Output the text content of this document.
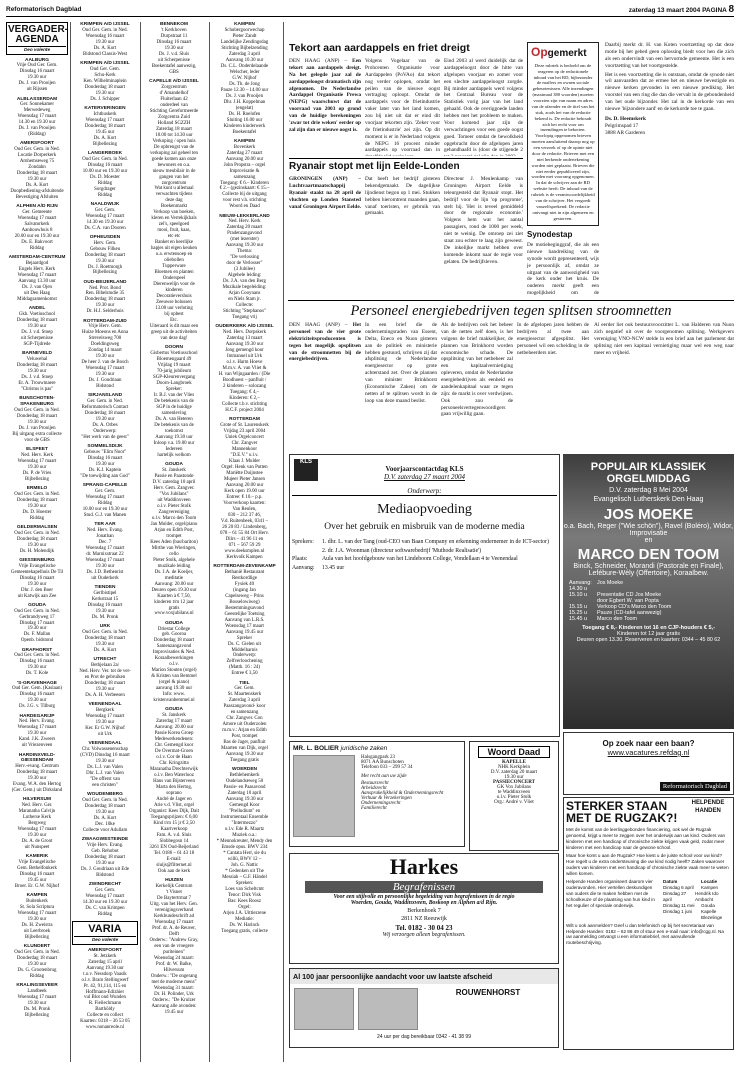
Reformatorisch Dagblad	zaterdag 13 maart 2004 PAGINA 8
VERGADER-AGENDA
Deo volente
AALBURG
Vrije Oud Ger. Gem.
Dinsdag 16 maart
19.30 uur
Ds. J. van Prooijen
uit Rijssen
ALBLASSERDAM
Ger. Sonnekamer
Merwedeweg
Woensdag 17 maart
14.30 en 19.30 uur
Ds. J. van Prooijen
(Riddag)
AMERSFOORT
Oud Ger. Gem. in Ned.
Locatie Dorperkerk
Arnhemseweg 75
Zondahn
Donderdag 18 maart
19.30 uur
Ds. A. Kort
Doopbediening-afsluitende
Bevestiging Afsluiten
ALPHEN A/D RIJN
Ger. Gemeente
Woensdag 17 maart
Salvatorkerk
Aanbouwhuis 8
20.00 uur en 19.30 uur
Ds. E. Bakvoort
Riddag
AMSTERDAM-CENTRUM
Bejaardgod
Engels Herv. Kerk
Woensdag 17 maart
Aanvang 13.30 uur
Ds. J. van Ojen
uit Den Haag
Middagsamenkomst
ANDEL
Gkh. Voetiuschool
Donderdag 18 maart
19.30 uur
Ds. J. v.d. Stoep
uit Scherpenisse
SGP-Tijdrede
BARNEVELD
Veluwehal
Donderdag 18 maart
19.30 uur
Ds. J. v.d. Stoep
Er. A. Trouwmaere
"Christus is pas"
BUNSCHOTEN-SPAKENBURG
Oud Ger. Gem. in Ned.
Donderdag 18 maart
19.30 uur
Ds. J. van Prooijen
Bij uitgang extra collecte
voor de GBS
ELSPEET
Ned. Herv. Kerk
Woensdag 17 maart
19.30 uur
Ds. P. de Vries
Bijbellezing
ERMELO
Oud Ger. Gem. in Ned.
Donderdag 18 maart
19.30 uur
Ds. D. Hoester
Riddag
GELDERMALSEN
Oud Ger. Gem. in Ned.
Donderdag 18 maart
19.30 uur
Ds. H. Molendijk
GIESSENBURG
Vrije Evangelische
Gemeentekapelhuis De Til
Dinsdag 16 maart
19.30 uur
Dhr. J. den Boer
uit Katwijk aan Zee
GOUDA
Oud Ger. Gem. in Ned.
Gerbrandyweg 17
Dinsdag 17 maart
19.30 uur
Ds. F. Mallan
Openb. bidstond
GRAFHORST
Oud Ger. Gem. in Ned.
Dinsdag 16 maart
19.30 uur
Ds. T. Kole
'S-GRAVENHAGE
Oud Ger. Gem. (Kaslaan)
Dinsdag 16 maart
19.30 uur
Ds. J.G. v. Tilburg
HARDEGARIJP
Ned. Herv. Evang.
Woensdag 17 maart
19.30 uur
Kand. J.K. Zweers
uit Vriezenveen
HARDINXVELD-GIESSENDAM
Herv.-evang. Centrum
Donderdag 18 maart
19.30 uur
Evang. W.A. den Hertog
(Ger. Gem.) uit Dirksland
HILVERSUM
Ned. Herv. Ger.
Maranatha Calvijn
Lutherse Kerk
Bergweg
Woensdag 17 maart
19.30 uur
Ds. A. de Groot
uit Nunspeet
KAMERIK
Vrije Evangelische
Gem. Bethelfonkerk
Dinsdag 16 maart
19.45 uur
Broer. Er. G.W. Nijhof
KAMPEN
Buitenkerk
St. Sola Scriptura
Woensdag 17 maart
19.30 uur
Ds. H. Zweistra
uit Leerbroek
Bijbellezing
KLUNDERT
Oud Ger. Gem. in Ned.
Donderdag 18 maart
19.30 uur
Ds. G. Grootenbrug
Riddag
KRALINGSEVEER
Landbeek
Woensdag 17 maart
19.30 uur
Ds. M. Pronk
Bijbellezing
KRIMPEN A/D IJSSEL
Oud Ger. Gem. in Ned.
Woensdag 16 maart
19.30 uur
Ds. A. Kort
Bidstond Classis-West
KRIMPEN A/D IJSSEL
Oud Ger. Gem.
Schu-Kerk
Ken. Wilhelminaplein
Donderdag 18 maart
19.30 uur
Ds. J. Schipper
KATERVERINGEN
Ichthuskerk
Woensdag 17 maart
Donderdag 18 maart
19.45 uur
Ds. A. Kort
Bijbellezing
LANGERBOEK
Oud Ger. Gem. in Ned.
Dinsdag 16 maart
10.00 uur en 19.30 uur
Ds. D. Moester
Riddag
Sorgdrager
Riddag
NAALDWIJK
Ger. Gem.
Woensdag 17 maart
14.30 en 19.30 uur
Ds. C.A. van Dooren
OPHEUSDEN
Herv. Gem.
Gebouw Filkeu
Donderdag 18 maart
19.30 uur
Ds. J. Roetmorgh
Bijbellezing
OUD-BEIJERLAND
Ned. Prot. Bond
Ren. Bibelstudie 35
Donderdag 18 maart
19.30 uur
Dr. H.J. Selderhuis
ROTTERDAM-ZUID
Vrije Herv. Gem.
Huize Moeons en Anna
Strevelsweg 700
Doeldingsweg
Zondag 14 maart
19.30 uur
De heer J. van de Bosch
Woensdag 17 maart
19.30 uur
Ds. J. Goudriaan
Bidstond
SIRJANSLAND
Ger. Gem. in Ned.
Reformatorisch Contact
Donderdag 18 maart
19.30 uur
Ds. A. Orbes
Onderwerp:
"Het werk van de geest"
SOMMELSDIJK
Gebouw "Elim Noor"
Dinsdag 16 maart
19.30 uur
Ds. K.J. Kaptein
"De toewijding aan God"
SPRANG-CAPELLE
Ger. Gem.
Woensdag 17 maart
Riddag
10.00 uur en 19.30 uur
Stud. G.J. van Manen
TER AAR
Ned. Herv. Evang.
Jonathan
Dec. 7
Woensdag 17 maart
dr. Marnixstraat 22
Woensdag 17 maart
19.30 uur
Ds. J.D. Bethenrist
uit Ouderkerk
TIENDEN
Gerlbistipel
Kerkstraat 15
Dinsdag 16 maart
19.30 uur
Ds. M. Pronk
URK
Oud Ger. Gem. in Ned.
Donderdag 18 maart
19.30 uur
Ds. A. Kort
UTRECHT
Bethjelaan 2a/
Ned. Herv. Ver. tot de ver-
en Prot de gebruiken
Donderdag 18 maart
19.30 uur
Ds. A. H. Verbeesen
VEENENDAAL
Bergkerk
Woensdag 17 maart
19.30 uur
Ker. Er G.W. Nijhof
uit Urk
VEENENDAAL
Chr. Volwassenenschap
(CVD) Dinsdag 16 maart
19.30 uur
Ds. L.J. van Valen
Dhr. L.J. van Valen
"De offerst van
een christen"
WOUDENBERG
Oud Ger. Gem. in Ned.
Donderdag 18 maart
19.30 uur
Ds. A. Kort
Dec. 10ke
Collecte voor Adullam
ZWAAGWESTEINDE
Vrije Herv. Evang.
Geb. Rehobot
Donderdag 18 maart
19.30 uur
Ds. J. Goudriaan uit Ede
Bidstond
ZWINDRECHT
Ger. Gem.
Woensdag 17 maart
14.30 uur en 19.30 uur
Ds. C. van Krimpen
Riddag
VARIA
Deo volente
AMERSFOORT
St. Jetzkerk
Zaterdag 15 april
Aanvang 19.30 uur
t.o.v. Nessdorp Vaasik
o.l.v. Bram Stellingwerf
Pr. 42, 91,114, 115 en
Hoffmann-Edizhier
vul Blot ond Wunden
R. Fieilechmann
Barthöldy
Collecte en collect
Kaarten: 0318 – 36 53 05
www.nonanreole.nl
BENNEKOM
't Kerkhoven
Durpstraat 11
Dinsdag 16 maart
19.30 uur
Ds. J. v.d. Sluis
uit Scherpenisse
Boekentafel aanwezig,
GBS
CAPELLE A/D IJSSEL
Zorgcentrum
d' Amandelhof
Fluiterlaan 42
onderdeel van
Stichting Gereformeerde
Zorgcentra Zuid
Holland SGZZH
Zaterdag 18 maart
10.00 tot 14.30 uur
Verkoping / open huis
De opbrengst van de
verkoping zal geheel ten
goede komen aan onze
bewoners en o.a.
nieuw meubilair in de
gangen van het
zorgcentrum
Wat kunt u allemaal
verwachten tijdens
deze dag
Boekenmarkt
Verkoop van boeken,
kleren en Verrekijkhals
zel's, speelgoed
mooi, fruit, kaas,
etc etc
Banket en heerlijke
hapjes uit eigen keuken
o.a. erwtensoep en
oliebollen
Tupperware
Bloemen en planten
Onderspeel
Dierenwelijn voor de
kinderen
Decoratievershuis
Zeeuwse bolussen
13.00 uur verloting
bij opbest
Etc.
Uiteraard is dit maar een
greep uit de activiteiten
van deze dag!
DOORN
Gisbertus Voetiusschool
Bloemengaard 49
Vrijdag 19 maart
70-jarig jubileum
SGP-Kleurenvergang
Doorn-Langbroek
Spreker:
Ir. B.J. van der Vlies
De betekenis van de
SGP in de huidige
samenleving
Ds. A. van Heteren
De betekenis van de
toekomst
Aanvang 19.30 uur
Inloop v.a. 19.00 uur
Iedereen
hartelijk welkom
GOUDA
St. Janskerk
Passie en Paastonde
D.V. zaterdag 10 april
Herv. Gem. Zangver.
"Vox Jubilans"
uit Waddinxveen
o.l.v. Pieter Stolk
Zangvereniging
o.l.v. Marco den Toom
Jan Mulder, orgel/piano
Arjan en Edith Post,
trompet
Kees Aden (bas/bariton)
Mirthe van Wieringen,
cello
Pieter Stolk, algehele
muzikale leiding
Ds. J.A. de Koeijer,
meditatie
Aanvang: 20.00 uur
Deuren open 19.30 uur
Kaarten à € 7,50,
kinderen t/m 12 jaar
gratis
www.voxjubilans.nl
GOUDA
Driestar College
geb. Gooroa
Donderdag 18 maart
Samenzangavond
Improvisaties & Ned.
Koraalbewerkingen
o.l.v.
Marion Stouten (orgel)
& Kristen van Bemmel
(orgel & piano)
aanvang 19.30 uur
Info: www.
kristenvanbemmel.nl
GOUDA
St. Janskerk
Zaterdag 17 maart
Aanvang: 20.00 uur
Passie Korea Groep
Medewerkendenen:
Chr. Gemengd koor
De Overmat-Groen
o.l.v. Cor de Haan
Chr. Kringzitta
Maranatha Drechterwijk
o.l.v. Ben Waterlooz
Hans van Bijsterveen
Marta den Hertog,
soprano
André de Jager en
Arie v.d. Vlist, orgel
Organist: Kees Dijk, Dait
Toegangsprijzen: € 6,00
Kind t/m 15 jr € 2,50
Kaartverkoop
Fam. A. v.d. Sluis
Slobbegosn 14
3261 EN Oud-Beijerland
Tel. 0186 – 61 43 18
E-mail:
sluijs@filternet.nl
Ook aan de kerk
HUIZEN
Kerkelijk Centrum
't Visnet
De Baytertrmat 7
Uitg. van het Herv. Gen.
verenigingsverband
Kerkbundeschrift ad
Woensdag 17 maart
Prof. dr. A. de Reuver,
Delft
Onderw.: "Andrew Gray,
een van de vroegere
puriteinen"
Woensdag 24 maart:
Prof. dr. W. Balke,
Hilversum
Onderw.: "De ongerang
met de moderne mens"
Woensdag 31 maart:
Dr. H. Polinder, Urk
Onderw.: "De Krulzer
Aanvang alle avonden:
19.45 uur
KAMPEN
Schubergoorwechap
Pieter Zandt
Landelijke Zendingsdag
Stichting Bijbelzending
Zaterdag 3 april
Aanvang 10.30 uur
Ds. C.L. Onderdelaande
Welscher, leder
G.W. Nijhof
Ds. Th. de Jong
Pauze 12.30 – 14.00 uur
Ds. J. van Prooijen
Dhr. J.H. Koppelman
(engelat)
Ds. H. Roelofen
Sluiting 16.00 uur
Kinderen kinderwerk
Boekentafel
KAMPEN
Bovenkerk
Zaterdag 27 maart
Aanvang 20.00 uur
John Propstra – orgel
Improvisatie &
samenzang
Toegang: € 6.– Kinderen
€ 2.– (gezinskaart: € 15.–
Collecte bij de uitgang
voor rest v.h. stichting
Woord en Daad
NIEUW-LEKKERLAND
Ned. Herv. Kerk
Zaterdag 20 maart
Pradenzangavond
(met lezerster)
Aanvang 19.30 uur
Thema:
"De verlossing
door de Verlosser"
(3 Jubilee)
Algehele leiding:
Ds. J.A. van den Berg
Muzikale begeleiding:
Arjan Cooynans
en Niels Stam jr.
Collecte:
Stichting "Stephanos"
Toegang vrij
OUDERKERK A/D IJSSEL
Ned. Herv. Dorpskerk
Zaterdag 13 maart
Aanvang 19.30 uur
Jong gemengd koor
Immanuel uit Urk
o.l.v. Harm Hoeve
M.m.v. A. van Vliet &
H. van Wijngaarden / (Die
Boodhoest – panfluit /
2 kinderen – solozang
Toegang: € 4,–
Kinderen: € 2,–
Collecte t.b.v. stichting
H.C.F. project 2004
ROTTERDAM
Grote of St. Laurenskerk
Vrijdag 23 april 2004
Uniek Orgelconcert
Chr. Zangver
Mannenkoor
"D.E.V." o.l.v.
Klaas J. Mulder
Orgel: Henk van Putten
Mariëtte Duijnstee
Mujeer Pieter Jansen
Aanvang 20.00 uur
Kerk open 19.00 uur
Entree: € 10.– p.p.
Voorverkoop kaarten:
Van Reulen,
030 – 212 37 46,
V.d. Ruitenbeek, 0341 –
26 20 83 / Lindenberg,
078 – 61 55 84 Ort Herv.
Dilrs – 41 96 11 en
071 – 567 59 29
www.deeksmplen.nl
Kerkvolk Kampen
ROTTERDAM-ZEVENKAMP
Bethanië Restaurant
Restkordlige
Fysiek 40
(ingang Jan
Capelseweg – Prins
Bosselowiweg)
Bestemmingsavond
Geestelijke Toetsing
Aanvang van L.R.S.
Woensdag 17 maart
Aanvang 19.45 uur
Spreker
Ds. C. Gielen uit
Middelharnis
Onderwerp:
Zelfverloochening
(Matth. 16 : 24)
Entree € 3,50
TIEL
Ger. Gem.
St. Maartenskerk
Zaterdag 3 april
Paaszangavond- koor
en samenzang
Chr. Zangver. Con
Amore uit Ouderzolen
m.m.v.: Arjan en Edith
Post, trompet
Bas de Jager, panfluit
Maarten van Dijk, orgel
Aanvang 19.30 uur
Toegang gratis
WOERDEN
Bethlehemkerk
Oudelandseweg 50
Passie- en Paasavond
Zaterdag 10 april
Aanvang 19.30 uur
Gemengd Koor
"Prelludium" en
Instrumentaal Ensemble
"Intermezzo"
o.l.v. Ede R. Maartz
Muziek o.a.:
* Mennokreuter, Mendy den
Emsde opus. BWV 234
* Cantata Herr, sie du
willü, BWV 12 –
Joh. G. Nattic
* Gedenken uit The
Messiah – G.F. Händel
Spreken:
Loes van Scheltcmt
Tenor: Dirk Visk
Bas: Kees Roosz
Orgel:
Arjen J.A. Uittiezrene
Mediatie:
Ds. W. Harinck
Toegang gratis, collecte
Tekort aan aardappels en friet dreigt
DEN HAAG (ANP) – Een tekort aan aardappels dreigt. Na het gelegde jaar zal de aardappeloogst dramatisch zijn afgenomen. De Nederlandse Aardappel Organisatie Prewa (NEPG) waarschuwt dat de voorraad van 2003 op grond van de huidige berekeningen 'zwar tot drie weken' eerder op zal zijn dan er nieuwe oogst is.
Volgens Vogelaar van de Prohcenten Organisatie voor Aardappelen (PoVAo) dat tekort nog verder oplopen, omdat het peilen van de nieuwe oogst vertraging oploopt. Omdat de aardappels voor de frietindustrie vaker later van het land komen, zou bij niet uit dat er eind dit voorjaar tekorten zijn. 'Zeker voor de frietindustrie' zei zijn. Op dit moment is er in Nederland volgens de NEPG 16 procent minder aardappels op voorraad dan in
Eind 2003 al werd duidelijk dat de aardappeloogst door de hitte van afgelopen voorjaar en zomer voor een slechte aardappeloogst zorgde. Bij minder aardappels werd volgens het Centraal Bureau voor de Statistiek vorig jaar van het land gehaald. Ook de overiggoede landen hebben met het probleem te maken. Voor komend jaar zijn de verwachtingen voor een goede oogst goed. Tomeer omdat de bewolkheid opgebracht door de afgelopen jaren gehandhaafd is (door de stijgende 2
Ryanair stopt met lijn Eelde-Londen
GRONINGEN (ANP) – Luchtvaartmaatschappij Ryanair staakt na 28 april de vluchten op Londen Stansted vanaf Groningen Airport Eelde.
Dat heeft het bedrijf gisteren bekendgemaakt. De dagelijkse lijndienst begon op 1 mei. Stukken hebben hieromtrent maanden gaan, vanaf toeristen, er gebruik van gemaakt.
Directeur J. Meulenkamp van Groningen Airport Eelde is teleurgesteld dat Ryanair stopt. Het bedrijf voor de lijn 'op progrome', stelt hij. 'Het is teveel gemiddeld door de regionale economie.' Volgens hem wat het aantal passagiers, rond de 1000 per week, niet te weinig. De omroep zei ziet staat zou echter te laag zijn geweest. De inkelijke markt hebben over komende inkomt naar de regie voor gelaten. De bedrijfsleven.
Opgemerkt
Deze rubriek is bedoeld om de reageren op de redactionele inhoud van het RD, bijbezonder de maffers en ownen sociale gebeurtenissen. Alle inzendingen (maximaal 380 woorden) moeten voorzien zijn van naam en adres van de afzender en de titel van het stuk, zoals het van de redactie bekend is. De redactie behoudt zich het recht voor om inzendingen te bekorten. Voorlopig opgenomen brieven moeten aansluitend daarop nog op een verzoek of op de opinie niet door de redactie. Brieven met een niet herkende ondertekening worden niet geplaatst. Brieven die niet eerder gepubliceerd zijn, worden met voorrang opgenomen. In dat de schrijver aan de RD website heeft: De inhoud van de rubriek is de verantwoordelijkheid van de schrijver. Het vergoedt vanzelfsprekend: De redactie ontvangt niet in zijn algemeen en gestorven.
Synodestap
De motiebeginggraf, die als een nieuwe handreiking van de synode wordt gepresenteerd, wijs je persoonlijk af, omdat ze uitgaat van de aanwezigheid van de kerk onder het kruis. De ouderen merkt geeft een mogelijkheid om de

Daarbij merkt dr. H. van Koten voortzetting op dat deze motie bij het gebed geen oplossing biedt voor hen die zich als een ondervindt van een hervormde gemeente. Het is een voortzetting van het voortgestelde.

Het is een voortzetting die is ontstaan, omdat de synode niet wil aanvaarden dat ze ermee het en nieuwe bevestigde en nieuwe kerken gevonden in een nieuwe prediking. Het voorstel van een ring die dan die vervalt in de gebondenheid van het oude bijzonder. Het zal in de kerkorde van een nieuwe 'bijzondere aard' en de kerkorde toe te gaan.

Ds. D. Heemskerk

Pelgrimspad 17

3888 AR Garderen

Personeel energiebedrijven tegen splitsen stroomnetten
DEN HAAG (ANP) – Het personeel van de vier grote elektriciteitsproducenten is tegen het mogelijk opsplitsen van de stroomnetten bij de energiebedrijven.
In een brief die de ondernemingsraden van Essent, Delta, Eneco en Nuon gisteren aan de politiek en ministerie hebben gestuurd, schrijven zij dat afsplitsing de Nederlandse energiesector op grote achterstand zet. Over de plannen van minister Brinkhorst (Economische Zaken) om de netten af te splitsen wordt in de loop van deze maand beslist.
Als de bedrijven ook het beheer van de netten zelf doen, is het volgens de brief makkelijker, de plannen van Brinkhorst worden economische schade. De opsplitsing van het netbeheer zal een kapitaalvernietiging opleveren, omdat de Nederlandse energiebedrijven als eenheid en aandelenkapitaal waar ze tegen zijn: de markt is over verdwijnen. Ook zou de personeelsvertegenwoordigers gaan vrijwillig gaan.
In de afgelopen jaren hebben de bedrijven al twee aan energiesector afgesplitst. Het personeel wil een scheiding in de netbeheerders niet.
Al eerder liet ook bestuursvoorzitter L. van Halderen van Nuon zich negatief uit over de voorgenomen splitsing. Werkgevers vereniging VNO-NCW stelde in een brief aan het parlement dat splitsing niet een kapitaal vernietiging maar wel een weg naar meer en vrijheid.
KLS
Voorjaarscontactdag KLS
D.V. zaterdag 27 maart 2004
Onderwerp:
Mediaopvoeding
Over het gebruik en misbruik van de moderne media
Sprekers:	1. dhr. L. van der Tang (oud-CEO van Baan Company en erkenning ondernemer in de ICT-sector)
2. dr. J.A. Woonman (directeur softwarebedrijf 'Muthode Realisatie')
Plaats:	Aula van het hoofdgebouw van het Lindeboom College, Vondellaan 4 te Veenendaal
Aanvang:	13.45 uur
POPULAIR KLASSIEK ORGELMIDDAG
D.V. zaterdag 8 Mei 2004
Evangelisch Lutherskerk Den Haag
JOS MOEKE
o.a. Bach, Reger ("Wie schön"), Ravel (Boléro), Widor, Improvisatie
en
MARCO DEN TOOM
Binck, Schneider, Morandi (Pastorale en Finale), Lefébure-Wély (Offertoire), Koraalbew.
Aanvang: 14.30 u
Jos Moeke
15.10 u	Presentatie CD Jos Moeke
door Egbert W. van Popta
15.15 u	Verkoop CD's Marco den Toom
15.25 u	Pauze (CD-tafel aanwezig)
15.45 u	Marco den Toom
Toegang € 8,- Kinderen tot 16 en CJP-houders € 5,-
Kinderen tot 12 jaar gratis
Deuren open 13.30. Reserveren en kaarten: 0344 – 45 80 62
MR. L. BOLIER juridische zaken
Halsgangpark 23
8071 AA Bunschoten
Telefoon 033 – 299 57 34
Met recht aan uw zijde
Bestuursrecht
Arbeidsrecht
Aansprakelijkheid & Ondernemingsrecht
Verhuur & Verzekeringen
Ondernemingsrecht
Familierecht
Woord Daad
KAPELLE
NHK Kerkplein
D.V. zaterdag 20 maart
19.30 uur
PASSIECONCERT
GK Vox Jubilans
te Waddinxveen
o.l.v. Pieter Stolk
Org.: André v. Vliet
Harkes
Begrafenissen
Voor een stijlvolle en persoonlijke begeleiding van begrafenissen in de regio
Woerden, Gouda, Waddinxveen, Boskoop en Alphen a/d Rijn.
Berkenhoek 7
2811 NZ Reeuwijk
Tel. 0182 - 30 04 23
Wij verzorgen alleen begrafenissen.
Al 100 jaar persoonlijke aandacht voor uw laatste afscheid
ROUWENHORST
24 uur per dag bereikbaar 0342 - 41 38 99
Op zoek naar een baan?
www.vacatures.refdag.nl
Reformatorisch Dagblad
STERKER STAAN
MET DE RUGZAK?!
HELPENDE HANDEN

Met de komst van de leerlinggebonden financiering, ook wel de Rugzak genoemd, krijgt u meer te zeggen over het onderwijs aan uw kind. Ouders van kinderen met een handicap of chronische ziekte krijgen vaak geld, zodat meer kinderen met een handicap naar de gewone school.

Maar hoe komt u aan de Rugzak? Hoe kiest u de juiste school voor uw kind? Hoe regelt u de extra ondersteuning die uw kind nodig heeft? Zaken waarover ouders van kinderen met een handicap of chronische ziekte vaak meer te weten willen komen.

Helpende Handen organiseert daarom vier ouderavonden. Hier vertellen deskundigen van ouders die te maken hebben met de schoolkeuze of de plaatsing van hun kind in het regulier of speciale onderwijs.

Datum	Locatie
Dinsdag 6 april	Kampen
Dinsdag 27 april
Hendrik Ido Ambacht
Dinsdag 11 mei	Gouda
Dinsdag 1 juni	Kapelle
Blezelinge

Wilt u ook aanmelden? Geef u dan telefonisch op bij het secretariaat van Helpende Handen: 0182 – 62 88 49 of stuur een e-mail naar: info@cgg.nl. Na uw aanmelding ontvangt u een informatiebrief, met aanvullende routebeschrijving.
